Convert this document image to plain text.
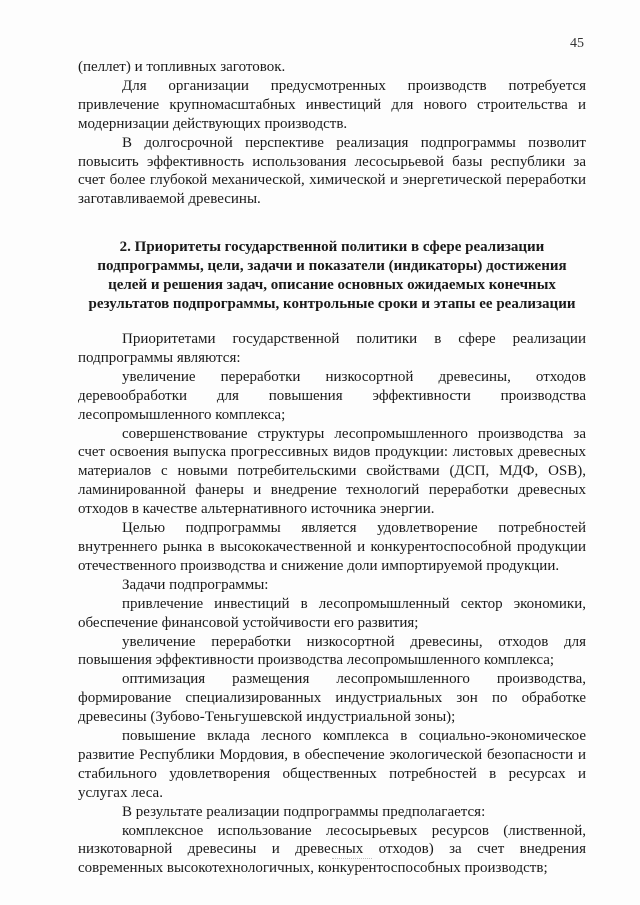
45

(пеллет) и топливных заготовок.

Для организации предусмотренных производств потребуется привлечение крупномасштабных инвестиций для нового строительства и модернизации действующих производств.

В долгосрочной перспективе реализация подпрограммы позволит повысить эффективность использования лесосырьевой базы республики за счет более глубокой механической, химической и энергетической переработки заготавливаемой древесины.

2. Приоритеты государственной политики в сфере реализации подпрограммы, цели, задачи и показатели (индикаторы) достижения целей и решения задач, описание основных ожидаемых конечных результатов подпрограммы, контрольные сроки и этапы ее реализации

Приоритетами государственной политики в сфере реализации подпрограммы являются:

увеличение переработки низкосортной древесины, отходов деревообработки для повышения эффективности производства лесопромышленного комплекса;

совершенствование структуры лесопромышленного производства за счет освоения выпуска прогрессивных видов продукции: листовых древесных материалов с новыми потребительскими свойствами (ДСП, МДФ, OSB), ламинированной фанеры и внедрение технологий переработки древесных отходов в качестве альтернативного источника энергии.

Целью подпрограммы является удовлетворение потребностей внутреннего рынка в высококачественной и конкурентоспособной продукции отечественного производства и снижение доли импортируемой продукции.

Задачи подпрограммы:

привлечение инвестиций в лесопромышленный сектор экономики, обеспечение финансовой устойчивости его развития;

увеличение переработки низкосортной древесины, отходов для повышения эффективности производства лесопромышленного комплекса;

оптимизация размещения лесопромышленного производства, формирование специализированных индустриальных зон по обработке древесины (Зубово-Теньгушевской индустриальной зоны);

повышение вклада лесного комплекса в социально-экономическое развитие Республики Мордовия, в обеспечение экологической безопасности и стабильного удовлетворения общественных потребностей в ресурсах и услугах леса.

В результате реализации подпрограммы предполагается:

комплексное использование лесосырьевых ресурсов (лиственной, низкотоварной древесины и древесных отходов) за счет внедрения современных высокотехнологичных, конкурентоспособных производств;
